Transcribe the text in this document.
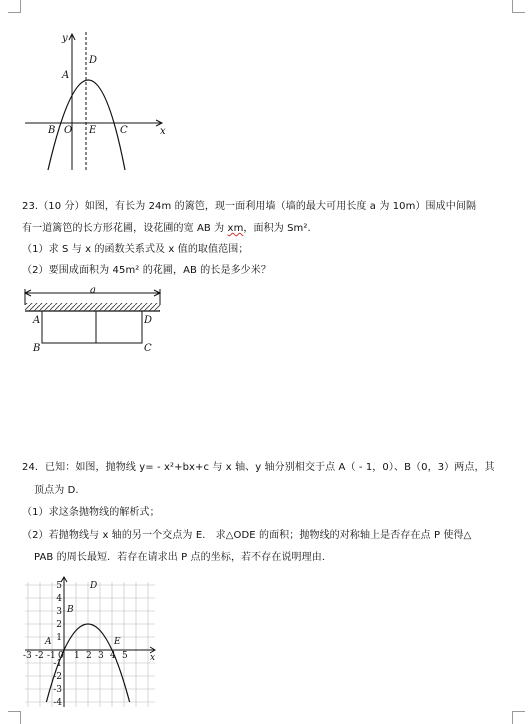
y
x
D
A
B O E C
23.（10 分）如图，有长为 24m 的篱笆，现一面利用墙（墙的最大可用长度 a 为 10m）围成中间隔
有一道篱笆的长方形花圃，设花圃的宽 AB 为 xm，面积为 Sm².
（1）求 S 与 x 的函数关系式及 x 值的取值范围；
（2）要围成面积为 45m² 的花圃，AB 的长是多少米？
a
A
B
D
C
24．已知：如图，抛物线 y= - x²+bx+c 与 x 轴、y 轴分别相交于点 A（ - 1，0）、B（0，3）两点，其
顶点为 D.
（1）求这条抛物线的解析式；
（2）若抛物线与 x 轴的另一个交点为 E． 求△ODE 的面积；抛物线的对称轴上是否存在点 P 使得△
PAB 的周长最短．若存在请求出 P 点的坐标，若不存在说明理由．
-3 -2 -1 0 1 2 3 4 5 x
5
4
3
2
1
-1
-2
-3
-4
D
B
A	E
